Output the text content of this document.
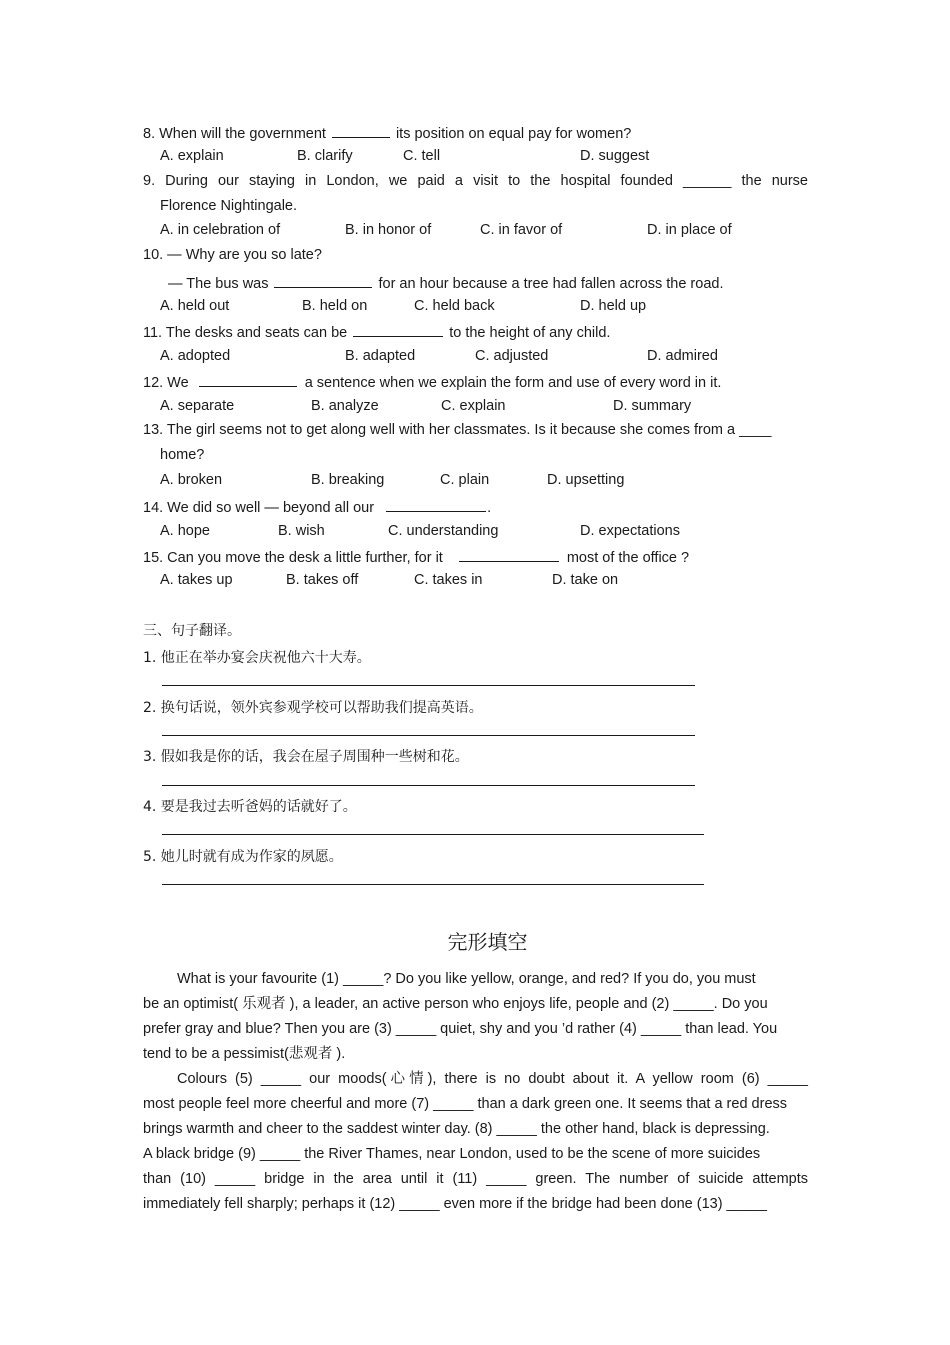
8. When will the government	its position on equal pay for women?
A. explain	B. clarify	C. tell	D. suggest
9. During our staying in London, we paid a visit to the hospital founded ______ the nurse
Florence Nightingale.
A. in celebration of	B. in honor of	C. in favor of	D. in place of
10. — Why are you so late?
— The bus was	for an hour because a tree had fallen across the road.
A. held out	B. held on	C. held back	D. held up
11. The desks and seats can be	to the height of any child.
A. adopted	B. adapted	C. adjusted	D. admired
12. We	a sentence when we explain the form and use of every word in it.
A. separate	B. analyze	C. explain	D. summary
13. The girl seems not to get along well with her classmates. Is it because she comes from a ____
home?
A. broken	B. breaking	C. plain	D. upsetting
14. We did so well — beyond all our	.
A. hope	B. wish	C. understanding	D. expectations
15. Can you move the desk a little further, for it	most of the office ?
A. takes up	B. takes off	C. takes in	D. take on
三、句子翻译。
1. 他正在举办宴会庆祝他六十大寿。
2. 换句话说，领外宾参观学校可以帮助我们提高英语。
3. 假如我是你的话，我会在屋子周围种一些树和花。
4. 要是我过去听爸妈的话就好了。
5. 她儿时就有成为作家的夙愿。
完形填空
What is your favourite (1) _____? Do you like yellow, orange, and red? If you do, you must
be an optimist( 乐观者 ), a leader, an active person who enjoys life, people and (2) _____. Do you
prefer gray and blue? Then you are (3) _____ quiet, shy and you ’d rather (4) _____ than lead. You
tend to be a pessimist(悲观者 ).
Colours (5) _____ our moods(心情), there is no doubt about it. A yellow room (6) _____
most people feel more cheerful and more (7) _____ than a dark green one. It seems that a red dress
brings warmth and cheer to the saddest winter day. (8) _____ the other hand, black is depressing.
A black bridge (9) _____ the River Thames, near London, used to be the scene of more suicides
than (10) _____ bridge in the area until it (11) _____ green. The number of suicide attempts
immediately fell sharply; perhaps it (12) _____ even more if the bridge had been done (13) _____
